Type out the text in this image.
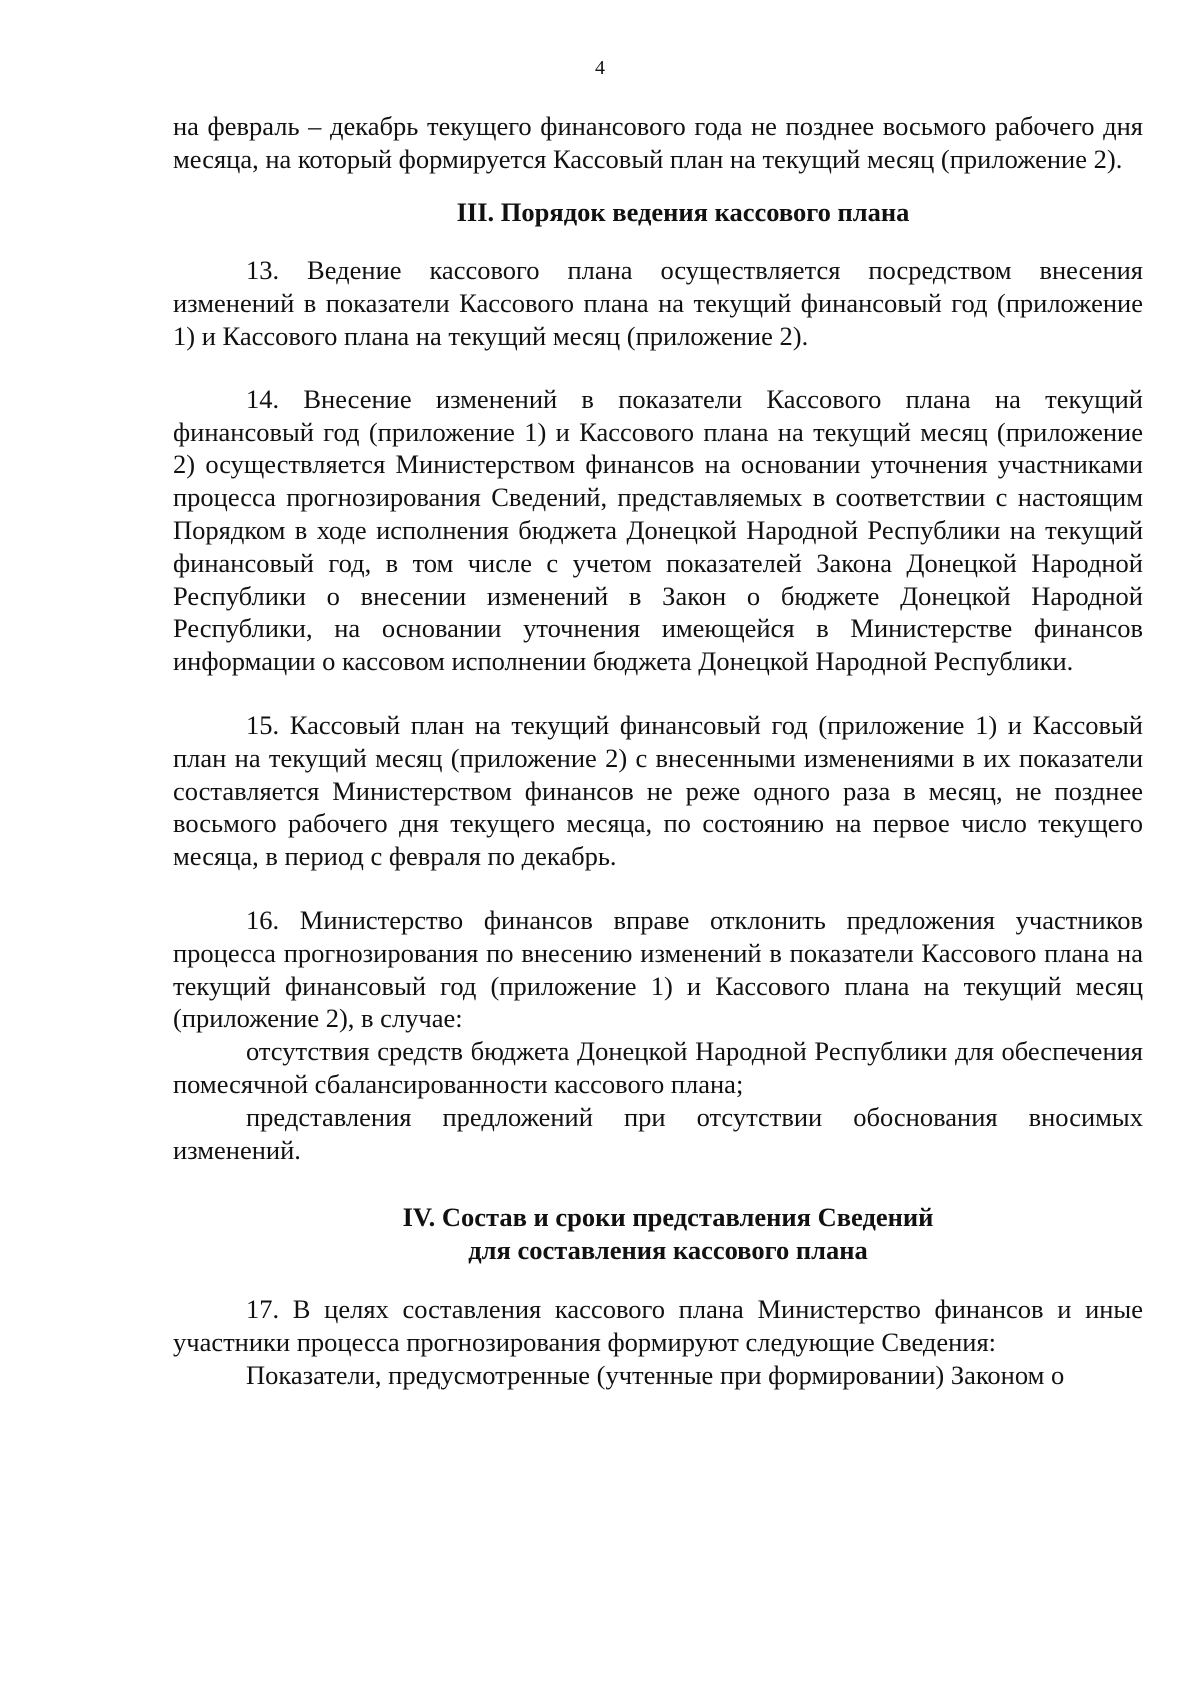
4

на февраль – декабрь текущего финансового года не позднее восьмого рабочего дня месяца, на который формируется Кассовый план на текущий месяц (приложение 2).

III. Порядок ведения кассового плана

13. Ведение кассового плана осуществляется посредством внесения изменений в показатели Кассового плана на текущий финансовый год (приложение 1) и Кассового плана на текущий месяц (приложение 2).

14. Внесение изменений в показатели Кассового плана на текущий финансовый год (приложение 1) и Кассового плана на текущий месяц (приложение 2) осуществляется Министерством финансов на основании уточнения участниками процесса прогнозирования Сведений, представляемых в соответствии с настоящим Порядком в ходе исполнения бюджета Донецкой Народной Республики на текущий финансовый год, в том числе с учетом показателей Закона Донецкой Народной Республики о внесении изменений в Закон о бюджете Донецкой Народной Республики, на основании уточнения имеющейся в Министерстве финансов информации о кассовом исполнении бюджета Донецкой Народной Республики.

15. Кассовый план на текущий финансовый год (приложение 1) и Кассовый план на текущий месяц (приложение 2) с внесенными изменениями в их показатели составляется Министерством финансов не реже одного раза в месяц, не позднее восьмого рабочего дня текущего месяца, по состоянию на первое число текущего месяца, в период с февраля по декабрь.

16. Министерство финансов вправе отклонить предложения участников процесса прогнозирования по внесению изменений в показатели Кассового плана на текущий финансовый год (приложение 1) и Кассового плана на текущий месяц (приложение 2), в случае:

отсутствия средств бюджета Донецкой Народной Республики для обеспечения помесячной сбалансированности кассового плана;

представления предложений при отсутствии обоснования вносимых изменений.

IV. Состав и сроки представления Сведений
для составления кассового плана

17. В целях составления кассового плана Министерство финансов и иные участники процесса прогнозирования формируют следующие Сведения:

Показатели, предусмотренные (учтенные при формировании) Законом о
